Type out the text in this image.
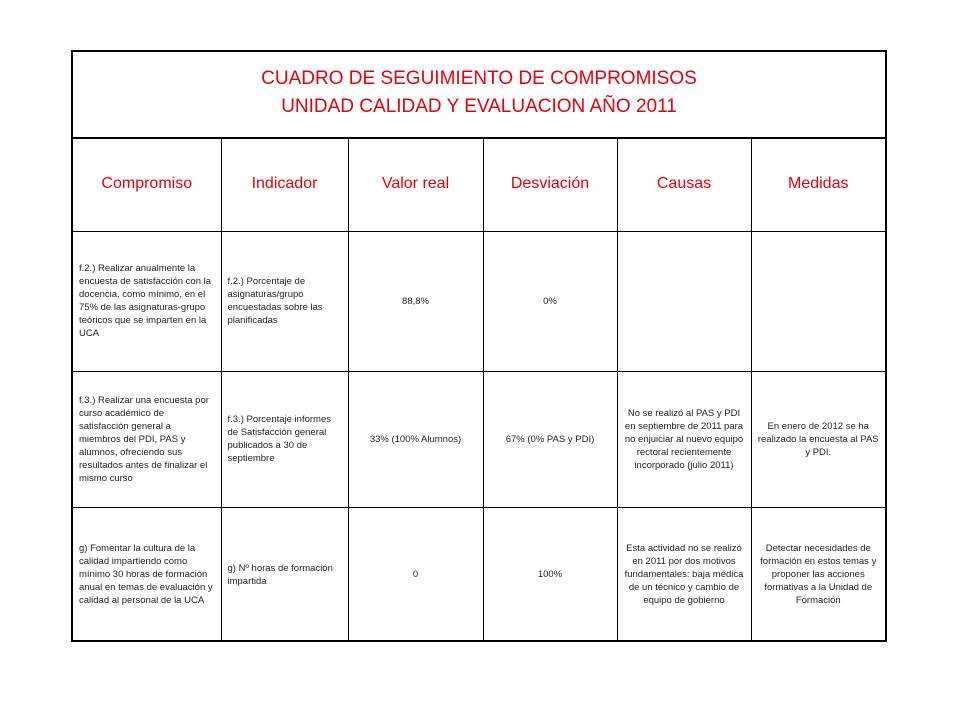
CUADRO DE SEGUIMIENTO DE COMPROMISOS
UNIDAD CALIDAD Y EVALUACION AÑO 2011
Compromiso	Indicador	Valor real	Desviación	Causas	Medidas
f.2.) Realizar anualmente la encuesta de satisfacción con la docencia, como mínimo, en el 75% de las asignaturas-grupo teóricos que se imparten en la UCA	f.2.) Porcentaje de asignaturas/grupo encuestadas sobre las planificadas	88,8%	0%		
f.3.) Realizar una encuesta por curso académico de satisfacción general a miembros del PDI, PAS y alumnos, ofreciendo sus resultados antes de finalizar el mismo curso	f.3.) Porcentaje informes de Satisfacción general publicados a 30 de septiembre	33% (100% Alumnos)	67% (0% PAS y PDI)	No se realizó al PAS y PDI en septiembre de 2011 para no enjuiciar al nuevo equipo rectoral recientemente incorporado (julio 2011)	En enero de 2012 se ha realizado la encuesta al PAS y PDI.
g) Fomentar la cultura de la calidad impartiendo como mínimo 30 horas de formación anual en temas de evaluación y calidad al personal de la UCA	g) Nº horas de formación impartida	0	100%	Esta actividad no se realizó en 2011 por dos motivos fundamentales: baja médica de un técnico y cambio de equipo de gobierno	Detectar necesidades de formación en estos temas y proponer las acciones formativas a la Unidad de Formación
